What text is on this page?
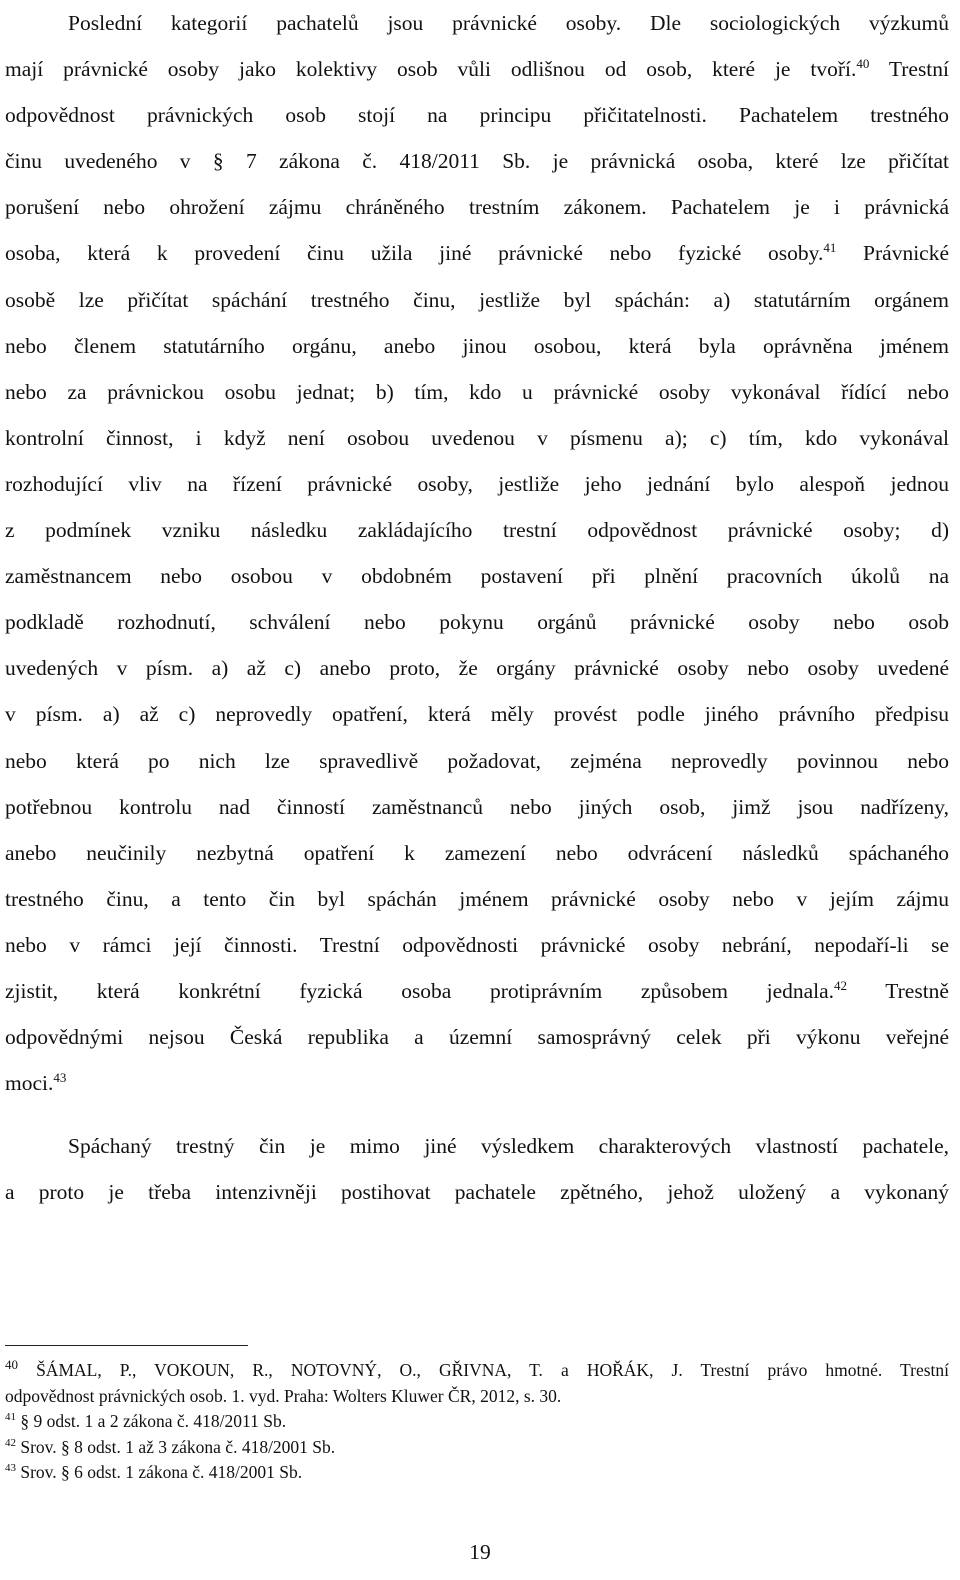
Poslední kategorií pachatelů jsou právnické osoby. Dle sociologických výzkumů
mají právnické osoby jako kolektivy osob vůli odlišnou od osob, které je tvoří.$^{40}$ Trestní
odpovědnost právnických osob stojí na principu přičitatelnosti. Pachatelem trestného
činu uvedeného v § 7 zákona č. 418/2011 Sb. je právnická osoba, které lze přičítat
porušení nebo ohrožení zájmu chráněného trestním zákonem. Pachatelem je i právnická
osoba, která k provedení činu užila jiné právnické nebo fyzické osoby.$^{41}$ Právnické
osobě lze přičítat spáchání trestného činu, jestliže byl spáchán: a) statutárním orgánem
nebo členem statutárního orgánu, anebo jinou osobou, která byla oprávněna jménem
nebo za právnickou osobu jednat; b) tím, kdo u právnické osoby vykonával řídící nebo
kontrolní činnost, i když není osobou uvedenou v písmenu a); c) tím, kdo vykonával
rozhodující vliv na řízení právnické osoby, jestliže jeho jednání bylo alespoň jednou
z podmínek vzniku následku zakládajícího trestní odpovědnost právnické osoby; d)
zaměstnancem nebo osobou v obdobném postavení při plnění pracovních úkolů na
podkladě rozhodnutí, schválení nebo pokynu orgánů právnické osoby nebo osob
uvedených v písm. a) až c) anebo proto, že orgány právnické osoby nebo osoby uvedené
v písm. a) až c) neprovedly opatření, která měly provést podle jiného právního předpisu
nebo která po nich lze spravedlivě požadovat, zejména neprovedly povinnou nebo
potřebnou kontrolu nad činností zaměstnanců nebo jiných osob, jimž jsou nadřízeny,
anebo neučinily nezbytná opatření k zamezení nebo odvrácení následků spáchaného
trestného činu, a tento čin byl spáchán jménem právnické osoby nebo v jejím zájmu
nebo v rámci její činnosti. Trestní odpovědnosti právnické osoby nebrání, nepodaří-li se
zjistit, která konkrétní fyzická osoba protiprávním způsobem jednala.$^{42}$ Trestně
odpovědnými nejsou Česká republika a územní samosprávný celek při výkonu veřejné
moci.$^{43}$
Spáchaný trestný čin je mimo jiné výsledkem charakterových vlastností pachatele,
a proto je třeba intenzivněji postihovat pachatele zpětného, jehož uložený a vykonaný
$^{40}$ ŠÁMAL, P., VOKOUN, R., NOTOVNÝ, O., GŘIVNA, T. a HOŘÁK, J. Trestní právo hmotné. Trestní
odpovědnost právnických osob. 1. vyd. Praha: Wolters Kluwer ČR, 2012, s. 30.
$^{41}$ § 9 odst. 1 a 2 zákona č. 418/2011 Sb.
$^{42}$ Srov. § 8 odst. 1 až 3 zákona č. 418/2001 Sb.
$^{43}$ Srov. § 6 odst. 1 zákona č. 418/2001 Sb.
19
